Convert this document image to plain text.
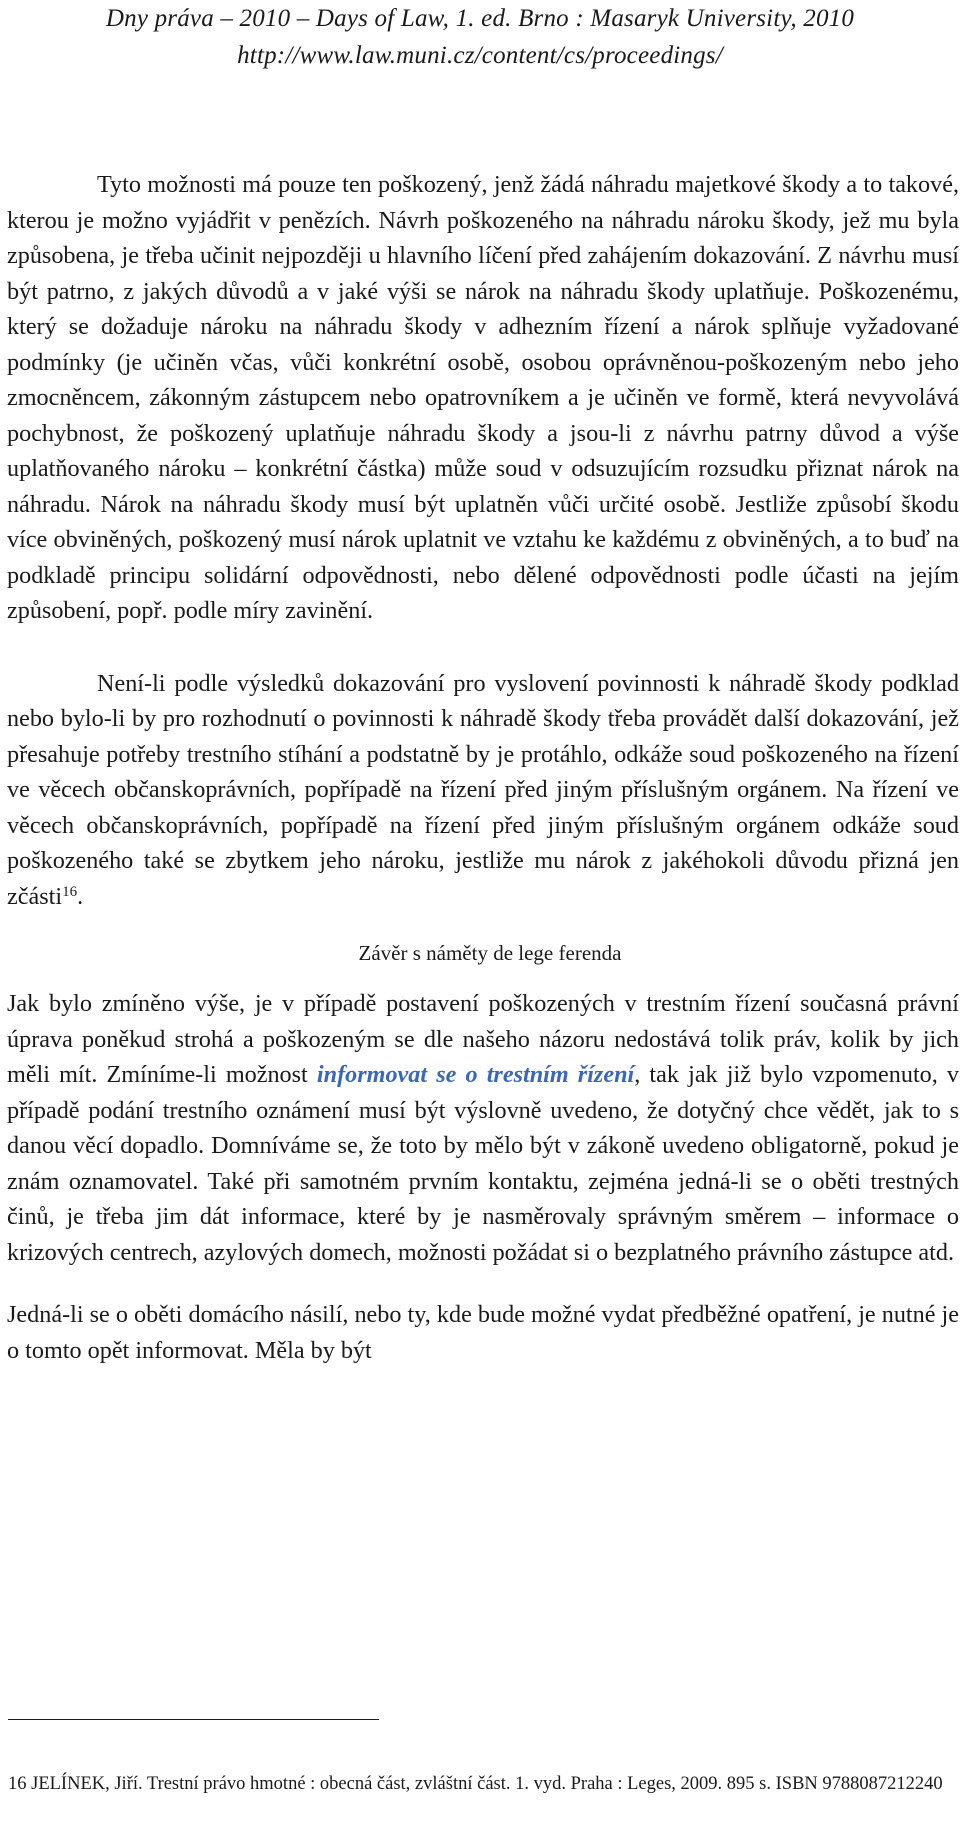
Dny práva – 2010 – Days of Law, 1. ed. Brno : Masaryk University, 2010
http://www.law.muni.cz/content/cs/proceedings/

Tyto možnosti má pouze ten poškozený, jenž žádá náhradu majetkové škody a to takové, kterou je možno vyjádřit v penězích. Návrh poškozeného na náhradu nároku škody, jež mu byla způsobena, je třeba učinit nejpozději u hlavního líčení před zahájením dokazování. Z návrhu musí být patrno, z jakých důvodů a v jaké výši se nárok na náhradu škody uplatňuje. Poškozenému, který se dožaduje nároku na náhradu škody v adhezním řízení a nárok splňuje vyžadované podmínky (je učiněn včas, vůči konkrétní osobě, osobou oprávněnou-poškozeným nebo jeho zmocněncem, zákonným zástupcem nebo opatrovníkem a je učiněn ve formě, která nevyvolává pochybnost, že poškozený uplatňuje náhradu škody a jsou-li z návrhu patrny důvod a výše uplatňovaného nároku – konkrétní částka) může soud v odsuzujícím rozsudku přiznat nárok na náhradu. Nárok na náhradu škody musí být uplatněn vůči určité osobě. Jestliže způsobí škodu více obviněných, poškozený musí nárok uplatnit ve vztahu ke každému z obviněných, a to buď na podkladě principu solidární odpovědnosti, nebo dělené odpovědnosti podle účasti na jejím způsobení, popř. podle míry zavinění.

Není-li podle výsledků dokazování pro vyslovení povinnosti k náhradě škody podklad nebo bylo-li by pro rozhodnutí o povinnosti k náhradě škody třeba provádět další dokazování, jež přesahuje potřeby trestního stíhání a podstatně by je protáhlo, odkáže soud poškozeného na řízení ve věcech občanskoprávních, popřípadě na řízení před jiným příslušným orgánem. Na řízení ve věcech občanskoprávních, popřípadě na řízení před jiným příslušným orgánem odkáže soud poškozeného také se zbytkem jeho nároku, jestliže mu nárok z jakéhokoli důvodu přizná jen zčásti$^{16}$.

Závěr s náměty de lege ferenda

Jak bylo zmíněno výše, je v případě postavení poškozených v trestním řízení současná právní úprava poněkud strohá a poškozeným se dle našeho názoru nedostává tolik práv, kolik by jich měli mít. Zmíníme-li možnost informovat se o trestním řízení, tak jak již bylo vzpomenuto, v případě podání trestního oznámení musí být výslovně uvedeno, že dotyčný chce vědět, jak to s danou věcí dopadlo. Domníváme se, že toto by mělo být v zákoně uvedeno obligatorně, pokud je znám oznamovatel. Také při samotném prvním kontaktu, zejména jedná-li se o oběti trestných činů, je třeba jim dát informace, které by je nasměrovaly správným směrem – informace o krizových centrech, azylových domech, možnosti požádat si o bezplatného právního zástupce atd.

Jedná-li se o oběti domácího násilí, nebo ty, kde bude možné vydat předběžné opatření, je nutné je o tomto opět informovat. Měla by být

16 JELÍNEK, Jiří. Trestní právo hmotné : obecná část, zvláštní část. 1. vyd. Praha : Leges, 2009. 895 s. ISBN 9788087212240
